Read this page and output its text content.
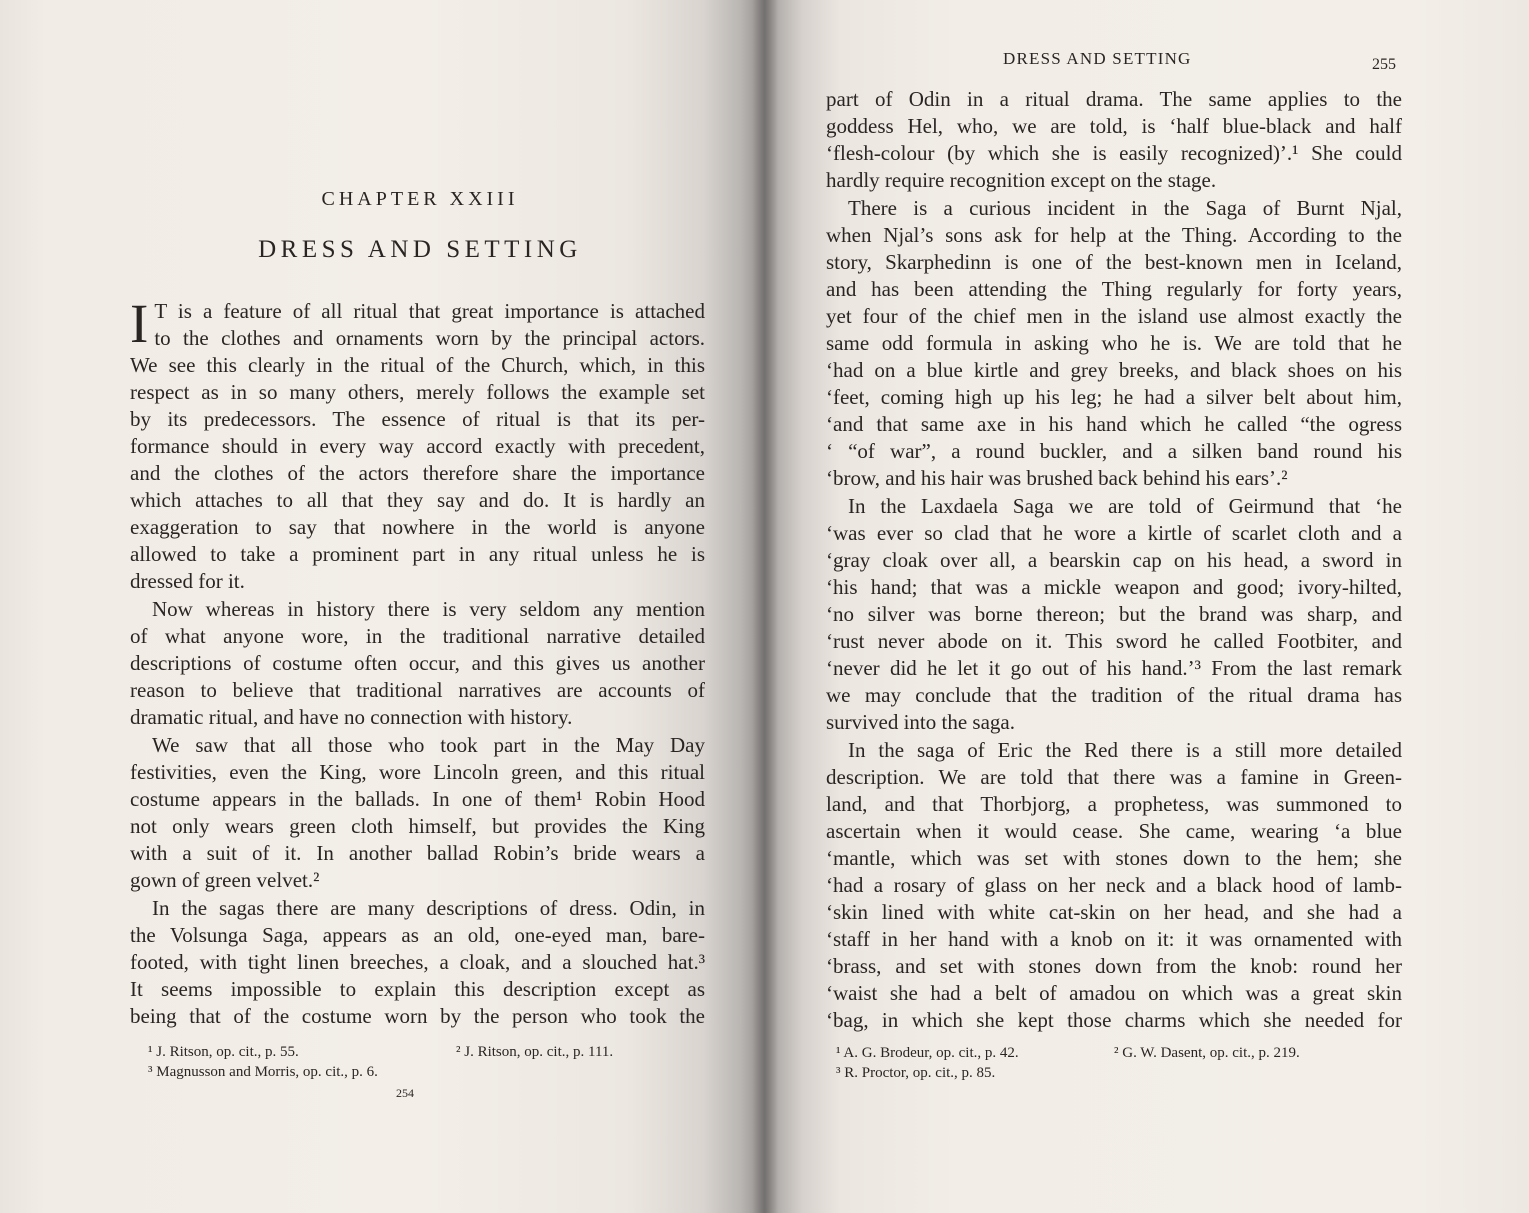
CHAPTER XXIII
DRESS AND SETTING

I T is a feature of all ritual that great importance is attached
to the clothes and ornaments worn by the principal actors.
We see this clearly in the ritual of the Church, which, in this
respect as in so many others, merely follows the example set
by its predecessors. The essence of ritual is that its per-
formance should in every way accord exactly with precedent,
and the clothes of the actors therefore share the importance
which attaches to all that they say and do. It is hardly an
exaggeration to say that nowhere in the world is anyone
allowed to take a prominent part in any ritual unless he is
dressed for it.

Now whereas in history there is very seldom any mention
of what anyone wore, in the traditional narrative detailed
descriptions of costume often occur, and this gives us another
reason to believe that traditional narratives are accounts of
dramatic ritual, and have no connection with history.

We saw that all those who took part in the May Day
festivities, even the King, wore Lincoln green, and this ritual
costume appears in the ballads. In one of them¹ Robin Hood
not only wears green cloth himself, but provides the King
with a suit of it. In another ballad Robin’s bride wears a
gown of green velvet.²

In the sagas there are many descriptions of dress. Odin, in
the Volsunga Saga, appears as an old, one-eyed man, bare-
footed, with tight linen breeches, a cloak, and a slouched hat.³
It seems impossible to explain this description except as
being that of the costume worn by the person who took the

¹ J. Ritson, op. cit., p. 55.	² J. Ritson, op. cit., p. 111.
³ Magnusson and Morris, op. cit., p. 6.
254
DRESS AND SETTING	255

part of Odin in a ritual drama. The same applies to the
goddess Hel, who, we are told, is ‘half blue-black and half
‘flesh-colour (by which she is easily recognized)’.¹ She could
hardly require recognition except on the stage.

There is a curious incident in the Saga of Burnt Njal,
when Njal’s sons ask for help at the Thing. According to the
story, Skarphedinn is one of the best-known men in Iceland,
and has been attending the Thing regularly for forty years,
yet four of the chief men in the island use almost exactly the
same odd formula in asking who he is. We are told that he
‘had on a blue kirtle and grey breeks, and black shoes on his
‘feet, coming high up his leg; he had a silver belt about him,
‘and that same axe in his hand which he called “the ogress
‘ “of war”, a round buckler, and a silken band round his
‘brow, and his hair was brushed back behind his ears’.²

In the Laxdaela Saga we are told of Geirmund that ‘he
‘was ever so clad that he wore a kirtle of scarlet cloth and a
‘gray cloak over all, a bearskin cap on his head, a sword in
‘his hand; that was a mickle weapon and good; ivory-hilted,
‘no silver was borne thereon; but the brand was sharp, and
‘rust never abode on it. This sword he called Footbiter, and
‘never did he let it go out of his hand.’³ From the last remark
we may conclude that the tradition of the ritual drama has
survived into the saga.

In the saga of Eric the Red there is a still more detailed
description. We are told that there was a famine in Green-
land, and that Thorbjorg, a prophetess, was summoned to
ascertain when it would cease. She came, wearing ‘a blue
‘mantle, which was set with stones down to the hem; she
‘had a rosary of glass on her neck and a black hood of lamb-
‘skin lined with white cat-skin on her head, and she had a
‘staff in her hand with a knob on it: it was ornamented with
‘brass, and set with stones down from the knob: round her
‘waist she had a belt of amadou on which was a great skin
‘bag, in which she kept those charms which she needed for

¹ A. G. Brodeur, op. cit., p. 42.	² G. W. Dasent, op. cit., p. 219.
³ R. Proctor, op. cit., p. 85.
